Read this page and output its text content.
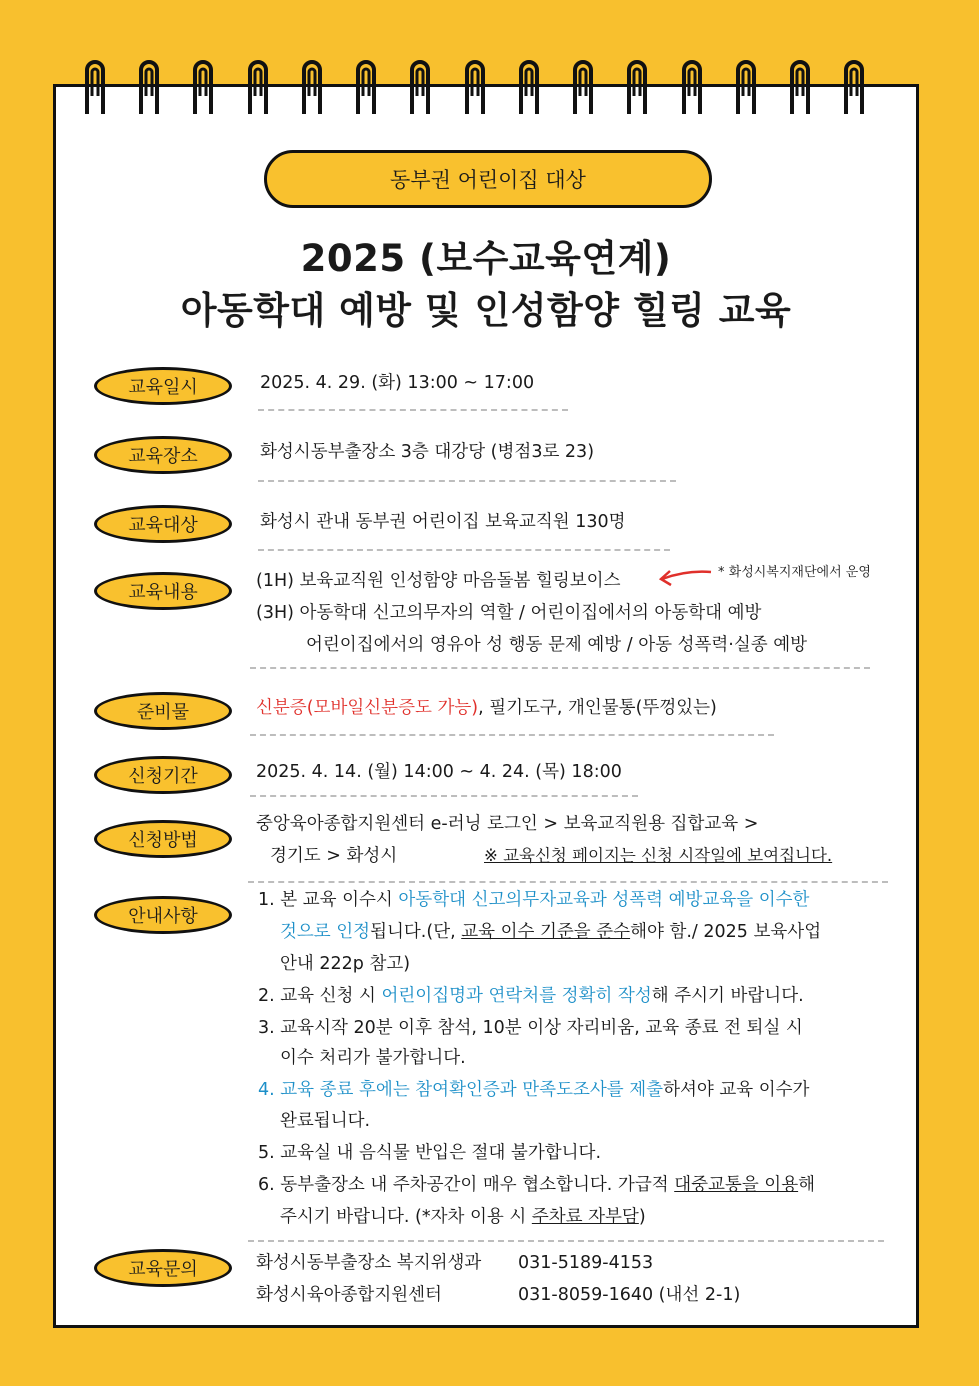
동부권 어린이집 대상
2025 (보수교육연계)
아동학대 예방 및 인성함양 힐링 교육
교육일시	2025. 4. 29. (화) 13:00 ~ 17:00
교육장소	화성시동부출장소 3층 대강당 (병점3로 23)
교육대상	화성시 관내 동부권 어린이집 보육교직원 130명
교육내용
(1H) 보육교직원 인성함양 마음돌봄 힐링보이스	* 화성시복지재단에서 운영
(3H) 아동학대 신고의무자의 역할 / 어린이집에서의 아동학대 예방
어린이집에서의 영유아 성 행동 문제 예방 / 아동 성폭력·실종 예방
준비물	신분증(모바일신분증도 가능), 필기도구, 개인물통(뚜껑있는)
신청기간	2025. 4. 14. (월) 14:00 ~ 4. 24. (목) 18:00
신청방법
중앙육아종합지원센터 e-러닝 로그인 > 보육교직원용 집합교육 >
경기도 > 화성시	※ 교육신청 페이지는 신청 시작일에 보여집니다.
안내사항
1. 본 교육 이수시 아동학대 신고의무자교육과 성폭력 예방교육을 이수한
것으로 인정됩니다.(단, 교육 이수 기준을 준수해야 함./ 2025 보육사업
안내 222p 참고)
2. 교육 신청 시 어린이집명과 연락처를 정확히 작성해 주시기 바랍니다.
3. 교육시작 20분 이후 참석, 10분 이상 자리비움, 교육 종료 전 퇴실 시
이수 처리가 불가합니다.
4. 교육 종료 후에는 참여확인증과 만족도조사를 제출하셔야 교육 이수가
완료됩니다.
5. 교육실 내 음식물 반입은 절대 불가합니다.
6. 동부출장소 내 주차공간이 매우 협소합니다. 가급적 대중교통을 이용해
주시기 바랍니다. (*자차 이용 시 주차료 자부담)
교육문의	화성시동부출장소 복지위생과 031-5189-4153
화성시육아종합지원센터	031-8059-1640 (내선 2-1)
